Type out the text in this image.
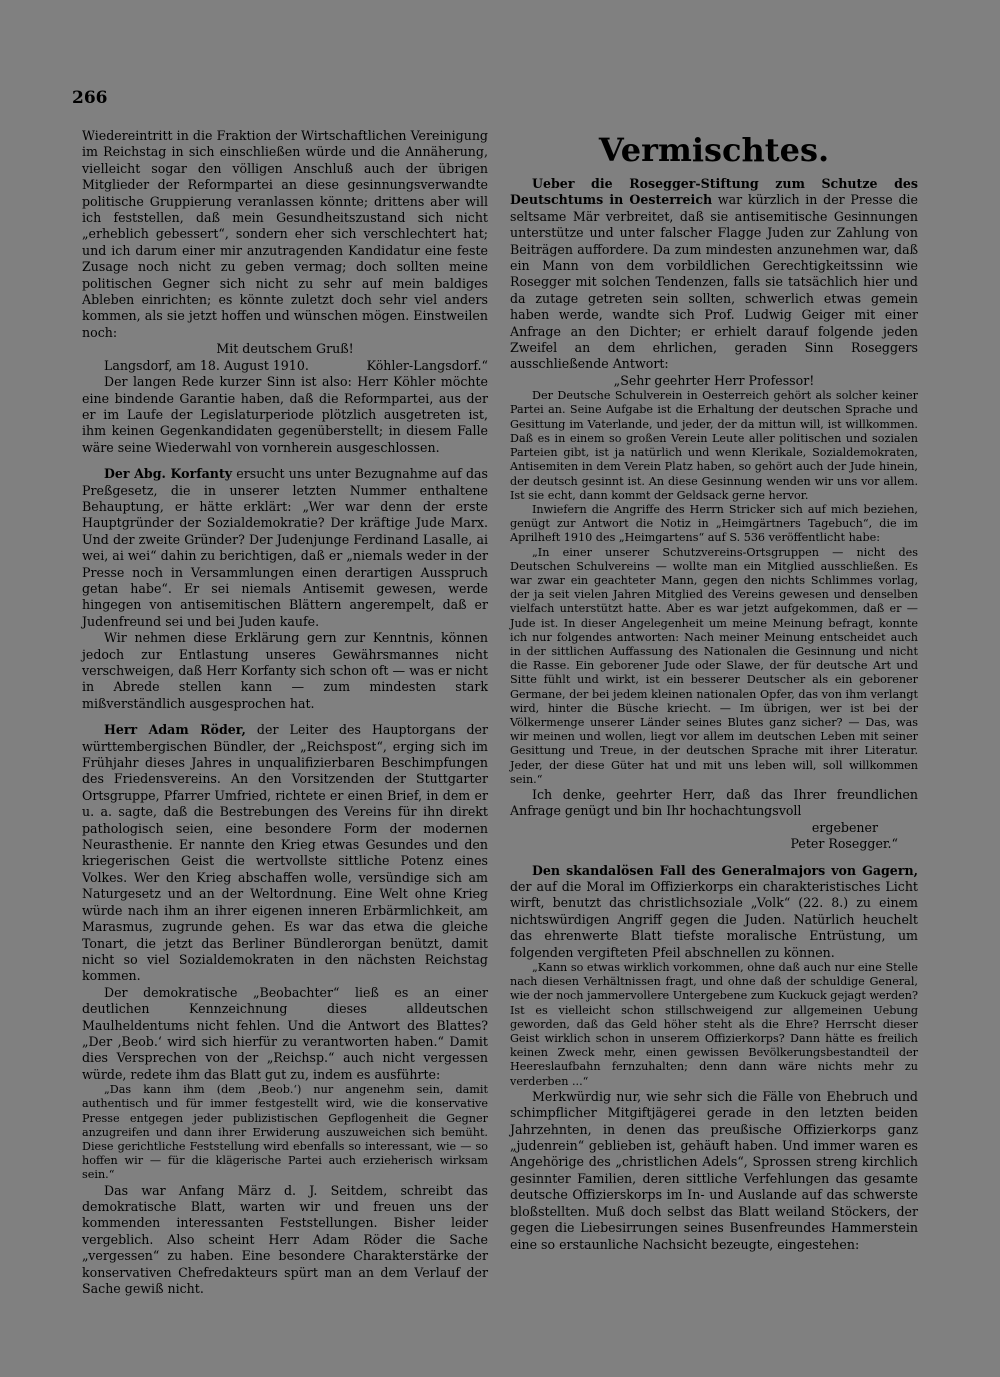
266

Wiedereintritt in die Fraktion der Wirtschaftlichen Vereinigung im Reichstag in sich einschließen würde und die Annäherung, vielleicht sogar den völligen Anschluß auch der übrigen Mitglieder der Reformpartei an diese gesinnungsverwandte politische Gruppierung veranlassen könnte; drittens aber will ich feststellen, daß mein Gesundheitszustand sich nicht „erheblich gebessert“, sondern eher sich verschlechtert hat; und ich darum einer mir anzutragenden Kandidatur eine feste Zusage noch nicht zu geben vermag; doch sollten meine politischen Gegner sich nicht zu sehr auf mein baldiges Ableben einrichten; es könnte zuletzt doch sehr viel anders kommen, als sie jetzt hoffen und wünschen mögen. Einstweilen noch:

Mit deutschem Gruß!

Langsdorf, am 18. August 1910.	Köhler-Langsdorf.“

Der langen Rede kurzer Sinn ist also: Herr Köhler möchte eine bindende Garantie haben, daß die Reformpartei, aus der er im Laufe der Legislaturperiode plötzlich ausgetreten ist, ihm keinen Gegenkandidaten gegenüberstellt; in diesem Falle wäre seine Wiederwahl von vornherein ausgeschlossen.

Der Abg. Korfanty ersucht uns unter Bezugnahme auf das Preßgesetz, die in unserer letzten Nummer enthaltene Behauptung, er hätte erklärt: „Wer war denn der erste Hauptgründer der Sozialdemokratie? Der kräftige Jude Marx. Und der zweite Gründer? Der Judenjunge Ferdinand Lasalle, ai wei, ai wei“ dahin zu berichtigen, daß er „niemals weder in der Presse noch in Versammlungen einen derartigen Ausspruch getan habe“. Er sei niemals Antisemit gewesen, werde hingegen von antisemitischen Blättern angerempelt, daß er Judenfreund sei und bei Juden kaufe.

Wir nehmen diese Erklärung gern zur Kenntnis, können jedoch zur Entlastung unseres Gewährsmannes nicht verschweigen, daß Herr Korfanty sich schon oft — was er nicht in Abrede stellen kann — zum mindesten stark mißverständlich ausgesprochen hat.

Herr Adam Röder, der Leiter des Hauptorgans der württembergischen Bündler, der „Reichspost“, erging sich im Frühjahr dieses Jahres in unqualifizierbaren Beschimpfungen des Friedensvereins. An den Vorsitzenden der Stuttgarter Ortsgruppe, Pfarrer Umfried, richtete er einen Brief, in dem er u. a. sagte, daß die Bestrebungen des Vereins für ihn direkt pathologisch seien, eine besondere Form der modernen Neurasthenie. Er nannte den Krieg etwas Gesundes und den kriegerischen Geist die wertvollste sittliche Potenz eines Volkes. Wer den Krieg abschaffen wolle, versündige sich am Naturgesetz und an der Weltordnung. Eine Welt ohne Krieg würde nach ihm an ihrer eigenen inneren Erbärmlichkeit, am Marasmus, zugrunde gehen. Es war das etwa die gleiche Tonart, die jetzt das Berliner Bündlerorgan benützt, damit nicht so viel Sozialdemokraten in den nächsten Reichstag kommen.

Der demokratische „Beobachter“ ließ es an einer deutlichen Kennzeichnung dieses alldeutschen Maulheldentums nicht fehlen. Und die Antwort des Blattes? „Der ‚Beob.‘ wird sich hierfür zu verantworten haben.“ Damit dies Versprechen von der „Reichsp.“ auch nicht vergessen würde, redete ihm das Blatt gut zu, indem es ausführte:

„Das kann ihm (dem ‚Beob.‘) nur angenehm sein, damit authentisch und für immer festgestellt wird, wie die konservative Presse entgegen jeder publizistischen Gepflogenheit die Gegner anzugreifen und dann ihrer Erwiderung auszuweichen sich bemüht. Diese gerichtliche Feststellung wird ebenfalls so interessant, wie — so hoffen wir — für die klägerische Partei auch erzieherisch wirksam sein.“

Das war Anfang März d. J. Seitdem, schreibt das demokratische Blatt, warten wir und freuen uns der kommenden interessanten Feststellungen. Bisher leider vergeblich. Also scheint Herr Adam Röder die Sache „vergessen“ zu haben. Eine besondere Charakterstärke der konservativen Chefredakteurs spürt man an dem Verlauf der Sache gewiß nicht.

Vermischtes.

Ueber die Rosegger-Stiftung zum Schutze des Deutschtums in Oesterreich war kürzlich in der Presse die seltsame Mär verbreitet, daß sie antisemitische Gesinnungen unterstütze und unter falscher Flagge Juden zur Zahlung von Beiträgen auffordere. Da zum mindesten anzunehmen war, daß ein Mann von dem vorbildlichen Gerechtigkeitssinn wie Rosegger mit solchen Tendenzen, falls sie tatsächlich hier und da zutage getreten sein sollten, schwerlich etwas gemein haben werde, wandte sich Prof. Ludwig Geiger mit einer Anfrage an den Dichter; er erhielt darauf folgende jeden Zweifel an dem ehrlichen, geraden Sinn Roseggers ausschließende Antwort:

„Sehr geehrter Herr Professor!

Der Deutsche Schulverein in Oesterreich gehört als solcher keiner Partei an. Seine Aufgabe ist die Erhaltung der deutschen Sprache und Gesittung im Vaterlande, und jeder, der da mittun will, ist willkommen. Daß es in einem so großen Verein Leute aller politischen und sozialen Parteien gibt, ist ja natürlich und wenn Klerikale, Sozialdemokraten, Antisemiten in dem Verein Platz haben, so gehört auch der Jude hinein, der deutsch gesinnt ist. An diese Gesinnung wenden wir uns vor allem. Ist sie echt, dann kommt der Geldsack gerne hervor.

Inwiefern die Angriffe des Herrn Stricker sich auf mich beziehen, genügt zur Antwort die Notiz in „Heimgärtners Tagebuch“, die im Aprilheft 1910 des „Heimgartens“ auf S. 536 veröffentlicht habe:

„In einer unserer Schutzvereins-Ortsgruppen — nicht des Deutschen Schulvereins — wollte man ein Mitglied ausschließen. Es war zwar ein geachteter Mann, gegen den nichts Schlimmes vorlag, der ja seit vielen Jahren Mitglied des Vereins gewesen und denselben vielfach unterstützt hatte. Aber es war jetzt aufgekommen, daß er — Jude ist. In dieser Angelegenheit um meine Meinung befragt, konnte ich nur folgendes antworten: Nach meiner Meinung entscheidet auch in der sittlichen Auffassung des Nationalen die Gesinnung und nicht die Rasse. Ein geborener Jude oder Slawe, der für deutsche Art und Sitte fühlt und wirkt, ist ein besserer Deutscher als ein geborener Germane, der bei jedem kleinen nationalen Opfer, das von ihm verlangt wird, hinter die Büsche kriecht. — Im übrigen, wer ist bei der Völkermenge unserer Länder seines Blutes ganz sicher? — Das, was wir meinen und wollen, liegt vor allem im deutschen Leben mit seiner Gesittung und Treue, in der deutschen Sprache mit ihrer Literatur. Jeder, der diese Güter hat und mit uns leben will, soll willkommen sein.“

Ich denke, geehrter Herr, daß das Ihrer freundlichen Anfrage genügt und bin Ihr hochachtungsvoll

ergebener

Peter Rosegger.“

Den skandalösen Fall des Generalmajors von Gagern, der auf die Moral im Offizierkorps ein charakteristisches Licht wirft, benutzt das christlichsoziale „Volk“ (22. 8.) zu einem nichtswürdigen Angriff gegen die Juden. Natürlich heuchelt das ehrenwerte Blatt tiefste moralische Entrüstung, um folgenden vergifteten Pfeil abschnellen zu können.

„Kann so etwas wirklich vorkommen, ohne daß auch nur eine Stelle nach diesen Verhältnissen fragt, und ohne daß der schuldige General, wie der noch jammervollere Untergebene zum Kuckuck gejagt werden? Ist es vielleicht schon stillschweigend zur allgemeinen Uebung geworden, daß das Geld höher steht als die Ehre? Herrscht dieser Geist wirklich schon in unserem Offizierkorps? Dann hätte es freilich keinen Zweck mehr, einen gewissen Bevölkerungsbestandteil der Heereslaufbahn fernzuhalten; denn dann wäre nichts mehr zu verderben ...“

Merkwürdig nur, wie sehr sich die Fälle von Ehebruch und schimpflicher Mitgiftjägerei gerade in den letzten beiden Jahrzehnten, in denen das preußische Offizierkorps ganz „judenrein“ geblieben ist, gehäuft haben. Und immer waren es Angehörige des „christlichen Adels“, Sprossen streng kirchlich gesinnter Familien, deren sittliche Verfehlungen das gesamte deutsche Offizierskorps im In- und Auslande auf das schwerste bloßstellten. Muß doch selbst das Blatt weiland Stöckers, der gegen die Liebesirrungen seines Busenfreundes Hammerstein eine so erstaunliche Nachsicht bezeugte, eingestehen:
